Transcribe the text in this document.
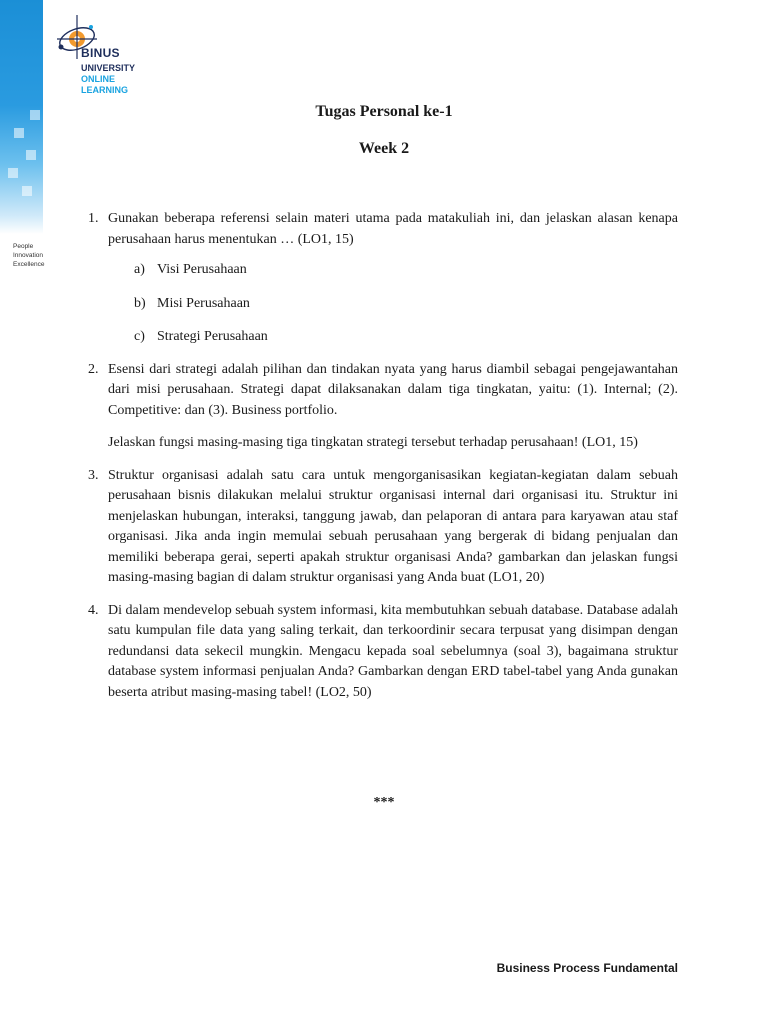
People
Innovation
Excellence
BINUS
UNIVERSITY
ONLINE
LEARNING
Tugas Personal ke-1
Week 2
1. Gunakan beberapa referensi selain materi utama pada matakuliah ini, dan jelaskan alasan kenapa perusahaan harus menentukan … (LO1, 15)

a) Visi Perusahaan
b) Misi Perusahaan
c) Strategi Perusahaan
2. Esensi dari strategi adalah pilihan dan tindakan nyata yang harus diambil sebagai pengejawantahan dari misi perusahaan. Strategi dapat dilaksanakan dalam tiga tingkatan, yaitu: (1). Internal; (2). Competitive: dan (3). Business portfolio.

Jelaskan fungsi masing-masing tiga tingkatan strategi tersebut terhadap perusahaan! (LO1, 15)

3. Struktur organisasi adalah satu cara untuk mengorganisasikan kegiatan-kegiatan dalam sebuah perusahaan bisnis dilakukan melalui struktur organisasi internal dari organisasi itu. Struktur ini menjelaskan hubungan, interaksi, tanggung jawab, dan pelaporan di antara para karyawan atau staf organisasi. Jika anda ingin memulai sebuah perusahaan yang bergerak di bidang penjualan dan memiliki beberapa gerai, seperti apakah struktur organisasi Anda? gambarkan dan jelaskan fungsi masing-masing bagian di dalam struktur organisasi yang Anda buat (LO1, 20)

4. Di dalam mendevelop sebuah system informasi, kita membutuhkan sebuah database. Database adalah satu kumpulan file data yang saling terkait, dan terkoordinir secara terpusat yang disimpan dengan redundansi data sekecil mungkin. Mengacu kepada soal sebelumnya (soal 3), bagaimana struktur database system informasi penjualan Anda? Gambarkan dengan ERD tabel-tabel yang Anda gunakan beserta atribut masing-masing tabel! (LO2, 50)

***
Business Process Fundamental
